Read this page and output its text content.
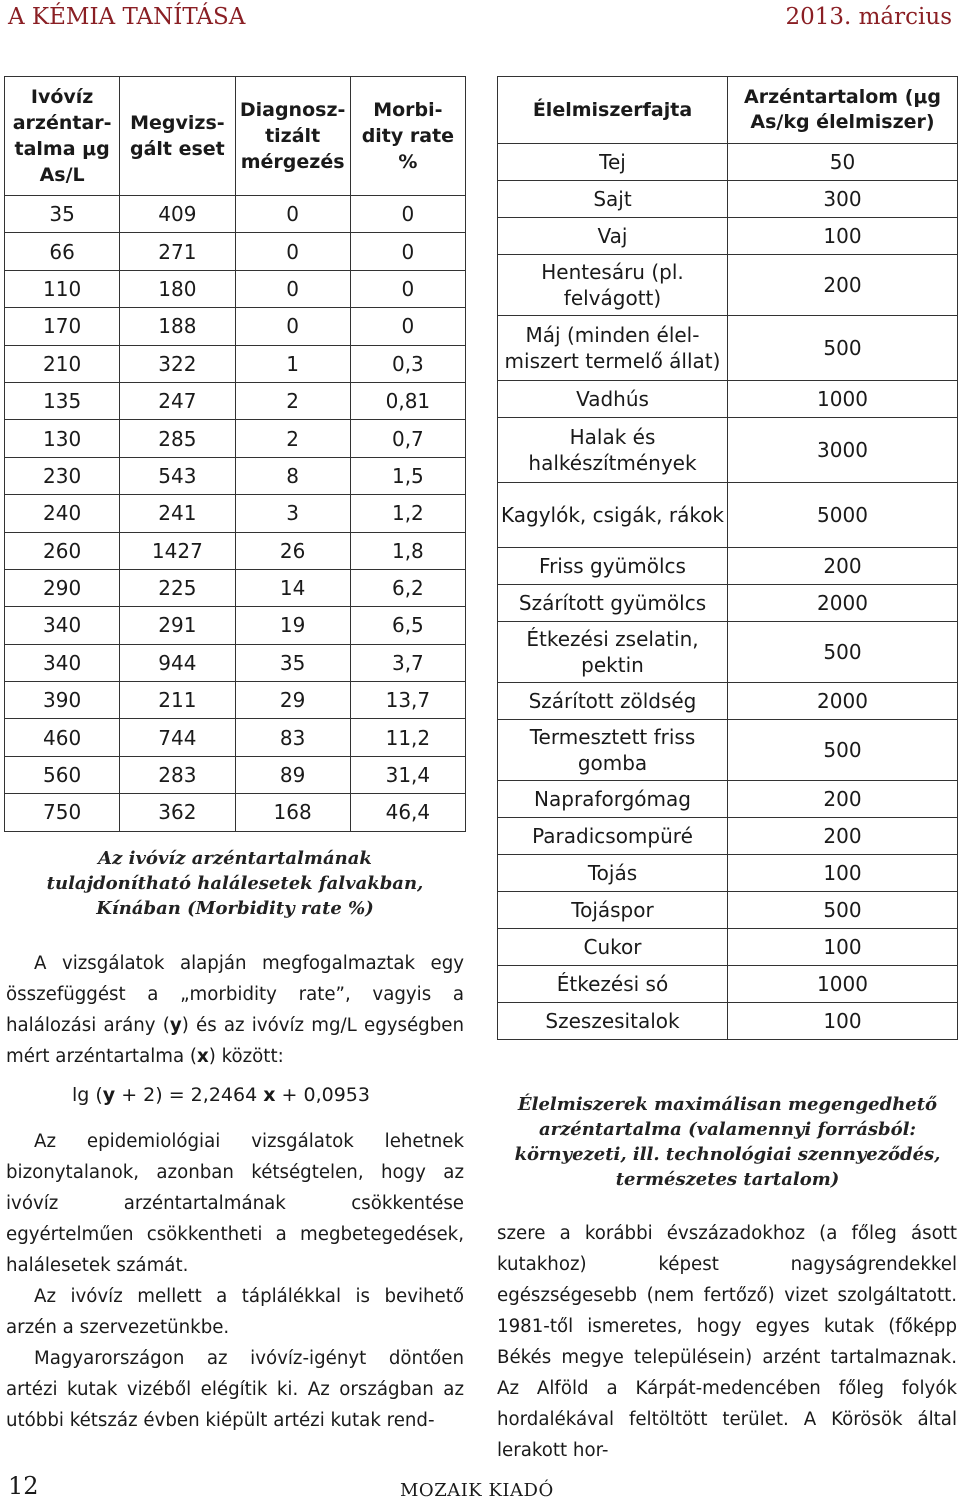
A KÉMIA TANÍTÁSA	2013. március
Ivóvíz arzéntar- talma μg As/L	Megvizs- gált eset	Diagnosz- tizált mérgezés	Morbi- dity rate %
35	409	0	0
66	271	0	0
110	180	0	0
170	188	0	0
210	322	1	0,3
135	247	2	0,81
130	285	2	0,7
230	543	8	1,5
240	241	3	1,2
260	1427	26	1,8
290	225	14	6,2
340	291	19	6,5
340	944	35	3,7
390	211	29	13,7
460	744	83	11,2
560	283	89	31,4
750	362	168	46,4
Az ivóvíz arzéntartalmának tulajdonítható halálesetek falvakban, Kínában (Morbidity rate %)

A vizsgálatok alapján megfogalmaztak egy összefüggést a „morbidity rate”, vagyis a halálozási arány (y) és az ivóvíz mg/L egységben mért arzéntartalma (x) között:

lg (y + 2) = 2,2464 x + 0,0953

Az epidemiológiai vizsgálatok lehetnek bizonytalanok, azonban kétségtelen, hogy az ivóvíz arzéntartalmának csökkentése egyértelműen csökkentheti a megbetegedések, halálesetek számát.

Az ivóvíz mellett a táplálékkal is bevihető arzén a szervezetünkbe.

Magyarországon az ivóvíz-igényt döntően artézi kutak vizéből elégítik ki. Az országban az utóbbi kétszáz évben kiépült artézi kutak rend-

Élelmiszerfajta	Arzéntartalom (μg As/kg élelmiszer)
Tej	50
Sajt	300
Vaj	100
Hentesáru (pl. felvágott)	200
Máj (minden élel- miszert termelő állat)	500
Vadhús	1000
Halak és halkészítmények	3000
Kagylók, csigák, rákok	5000
Friss gyümölcs	200
Szárított gyümölcs	2000
Étkezési zselatin, pektin	500
Szárított zöldség	2000
Termesztett friss gomba	500
Napraforgómag	200
Paradicsompüré	200
Tojás	100
Tojáspor	500
Cukor	100
Étkezési só	1000
Szeszesitalok	100
Élelmiszerek maximálisan megengedhető arzéntartalma (valamennyi forrásból: környezeti, ill. technológiai szennyeződés, természetes tartalom)

szere a korábbi évszázadokhoz (a főleg ásott kutakhoz) képest nagyságrendekkel egészségesebb (nem fertőző) vizet szolgáltatott. 1981-től ismeretes, hogy egyes kutak (főképp Békés megye településein) arzént tartalmaznak. Az Alföld a Kárpát-medencében főleg folyók hordalékával feltöltött terület. A Körösök által lerakott hor-

12	MOZAIK KIADÓ
